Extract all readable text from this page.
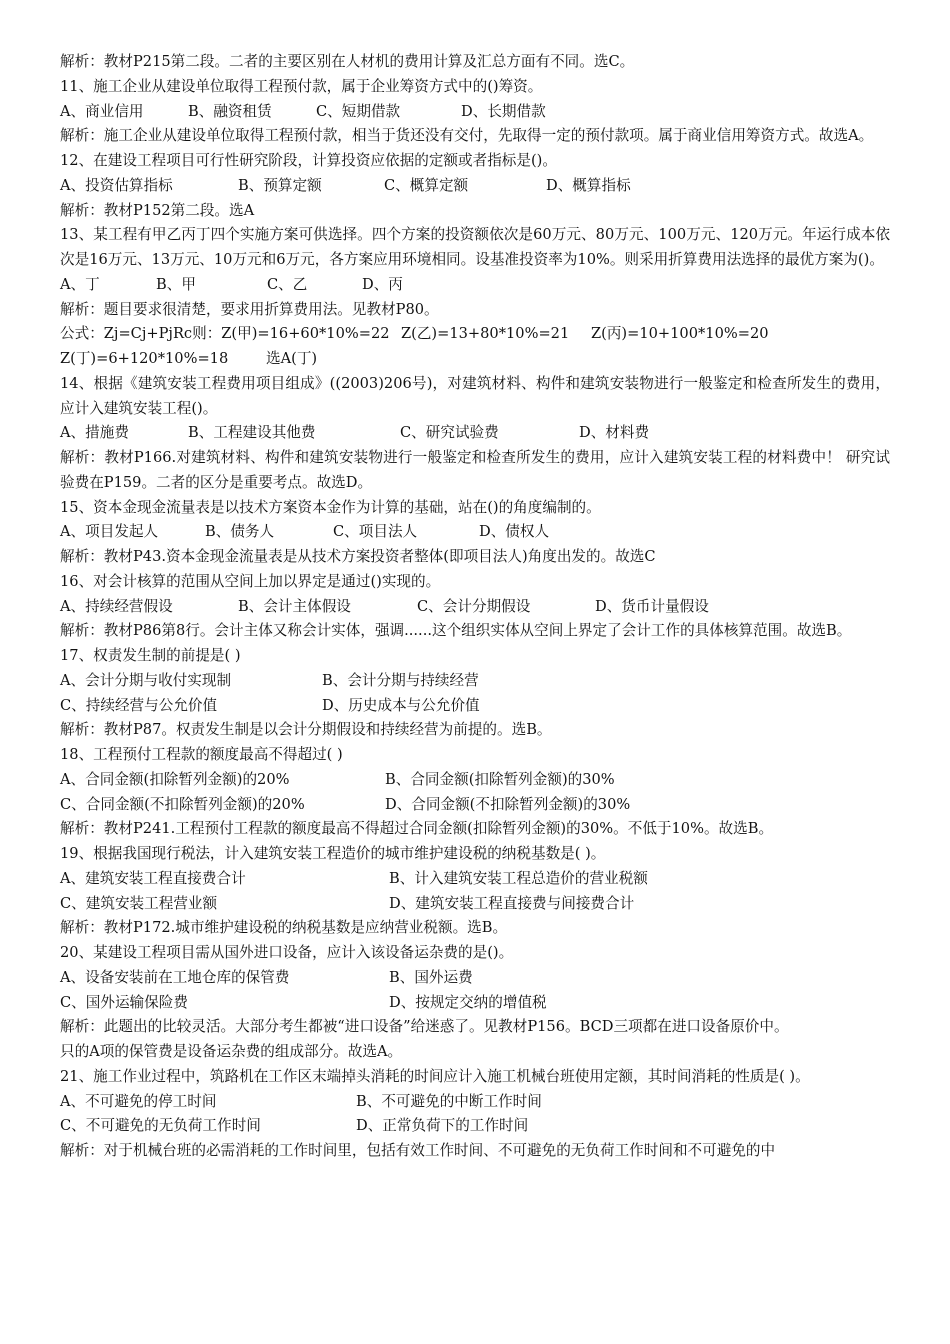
解析：教材P215第二段。二者的主要区别在人材机的费用计算及汇总方面有不同。选C。
11、施工企业从建设单位取得工程预付款，属于企业筹资方式中的()筹资。
A、商业信用	B、融资租赁	C、短期借款	D、长期借款
解析：施工企业从建设单位取得工程预付款，相当于货还没有交付，先取得一定的预付款项。属于商业信用筹资方式。故选A。
12、在建设工程项目可行性研究阶段，计算投资应依据的定额或者指标是()。
A、投资估算指标	B、预算定额	C、概算定额	D、概算指标
解析：教材P152第二段。选A
13、某工程有甲乙丙丁四个实施方案可供选择。四个方案的投资额依次是60万元、80万元、100万元、120万元。年运行成本依次是16万元、13万元、10万元和6万元，各方案应用环境相同。设基准投资率为10%。则采用折算费用法选择的最优方案为()。
A、丁	B、甲	C、乙	D、丙
解析：题目要求很清楚，要求用折算费用法。见教材P80。
公式：Zj=Cj+PjRc则：Z(甲)=16+60*10%=22 Z(乙)=13+80*10%=21	Z(丙)=10+100*10%=20
Z(丁)=6+120*10%=18	选A(丁)
14、根据《建筑安装工程费用项目组成》((2003)206号)，对建筑材料、构件和建筑安装物进行一般鉴定和检查所发生的费用，应计入建筑安装工程()。
A、措施费	B、工程建设其他费	C、研究试验费	D、材料费
解析：教材P166.对建筑材料、构件和建筑安装物进行一般鉴定和检查所发生的费用，应计入建筑安装工程的材料费中！ 研究试验费在P159。二者的区分是重要考点。故选D。
15、资本金现金流量表是以技术方案资本金作为计算的基础，站在()的角度编制的。
A、项目发起人	B、债务人	C、项目法人	D、债权人
解析：教材P43.资本金现金流量表是从技术方案投资者整体(即项目法人)角度出发的。故选C
16、对会计核算的范围从空间上加以界定是通过()实现的。
A、持续经营假设	B、会计主体假设	C、会计分期假设	D、货币计量假设
解析：教材P86第8行。会计主体又称会计实体，强调......这个组织实体从空间上界定了会计工作的具体核算范围。故选B。
17、权责发生制的前提是( )
A、会计分期与收付实现制	B、会计分期与持续经营
C、持续经营与公允价值	D、历史成本与公允价值
解析：教材P87。权责发生制是以会计分期假设和持续经营为前提的。选B。
18、工程预付工程款的额度最高不得超过( )
A、合同金额(扣除暂列金额)的20%	B、合同金额(扣除暂列金额)的30%
C、合同金额(不扣除暂列金额)的20%	D、合同金额(不扣除暂列金额)的30%
解析：教材P241.工程预付工程款的额度最高不得超过合同金额(扣除暂列金额)的30%。不低于10%。故选B。
19、根据我国现行税法，计入建筑安装工程造价的城市维护建设税的纳税基数是( )。
A、建筑安装工程直接费合计	B、计入建筑安装工程总造价的营业税额
C、建筑安装工程营业额	D、建筑安装工程直接费与间接费合计
解析：教材P172.城市维护建设税的纳税基数是应纳营业税额。选B。
20、某建设工程项目需从国外进口设备，应计入该设备运杂费的是()。
A、设备安装前在工地仓库的保管费	B、国外运费
C、国外运输保险费	D、按规定交纳的增值税
解析：此题出的比较灵活。大部分考生都被“进口设备”给迷惑了。见教材P156。BCD三项都在进口设备原价中。
只的A项的保管费是设备运杂费的组成部分。故选A。
21、施工作业过程中，筑路机在工作区末端掉头消耗的时间应计入施工机械台班使用定额，其时间消耗的性质是( )。
A、不可避免的停工时间	B、不可避免的中断工作时间
C、不可避免的无负荷工作时间	D、正常负荷下的工作时间
解析：对于机械台班的必需消耗的工作时间里，包括有效工作时间、不可避免的无负荷工作时间和不可避免的中
